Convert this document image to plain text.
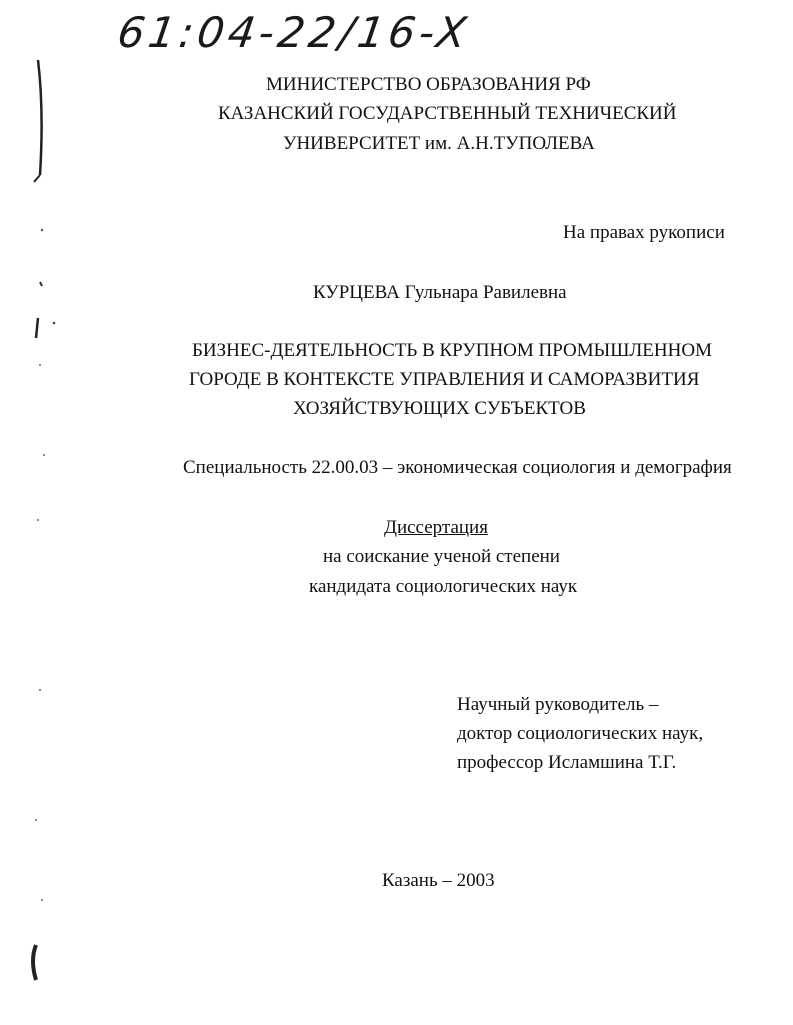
61:04-22/16-X
МИНИСТЕРСТВО ОБРАЗОВАНИЯ РФ
КАЗАНСКИЙ ГОСУДАРСТВЕННЫЙ ТЕХНИЧЕСКИЙ
УНИВЕРСИТЕТ им. А.Н.ТУПОЛЕВА
На правах рукописи
КУРЦЕВА Гульнара Равилевна
БИЗНЕС-ДЕЯТЕЛЬНОСТЬ В КРУПНОМ ПРОМЫШЛЕННОМ
ГОРОДЕ В КОНТЕКСТЕ УПРАВЛЕНИЯ И САМОРАЗВИТИЯ
ХОЗЯЙСТВУЮЩИХ СУБЪЕКТОВ
Специальность 22.00.03 – экономическая социология и демография
Диссертация
на соискание ученой степени
кандидата социологических наук
Научный руководитель –
доктор социологических наук,
профессор Исламшина Т.Г.
Казань – 2003
